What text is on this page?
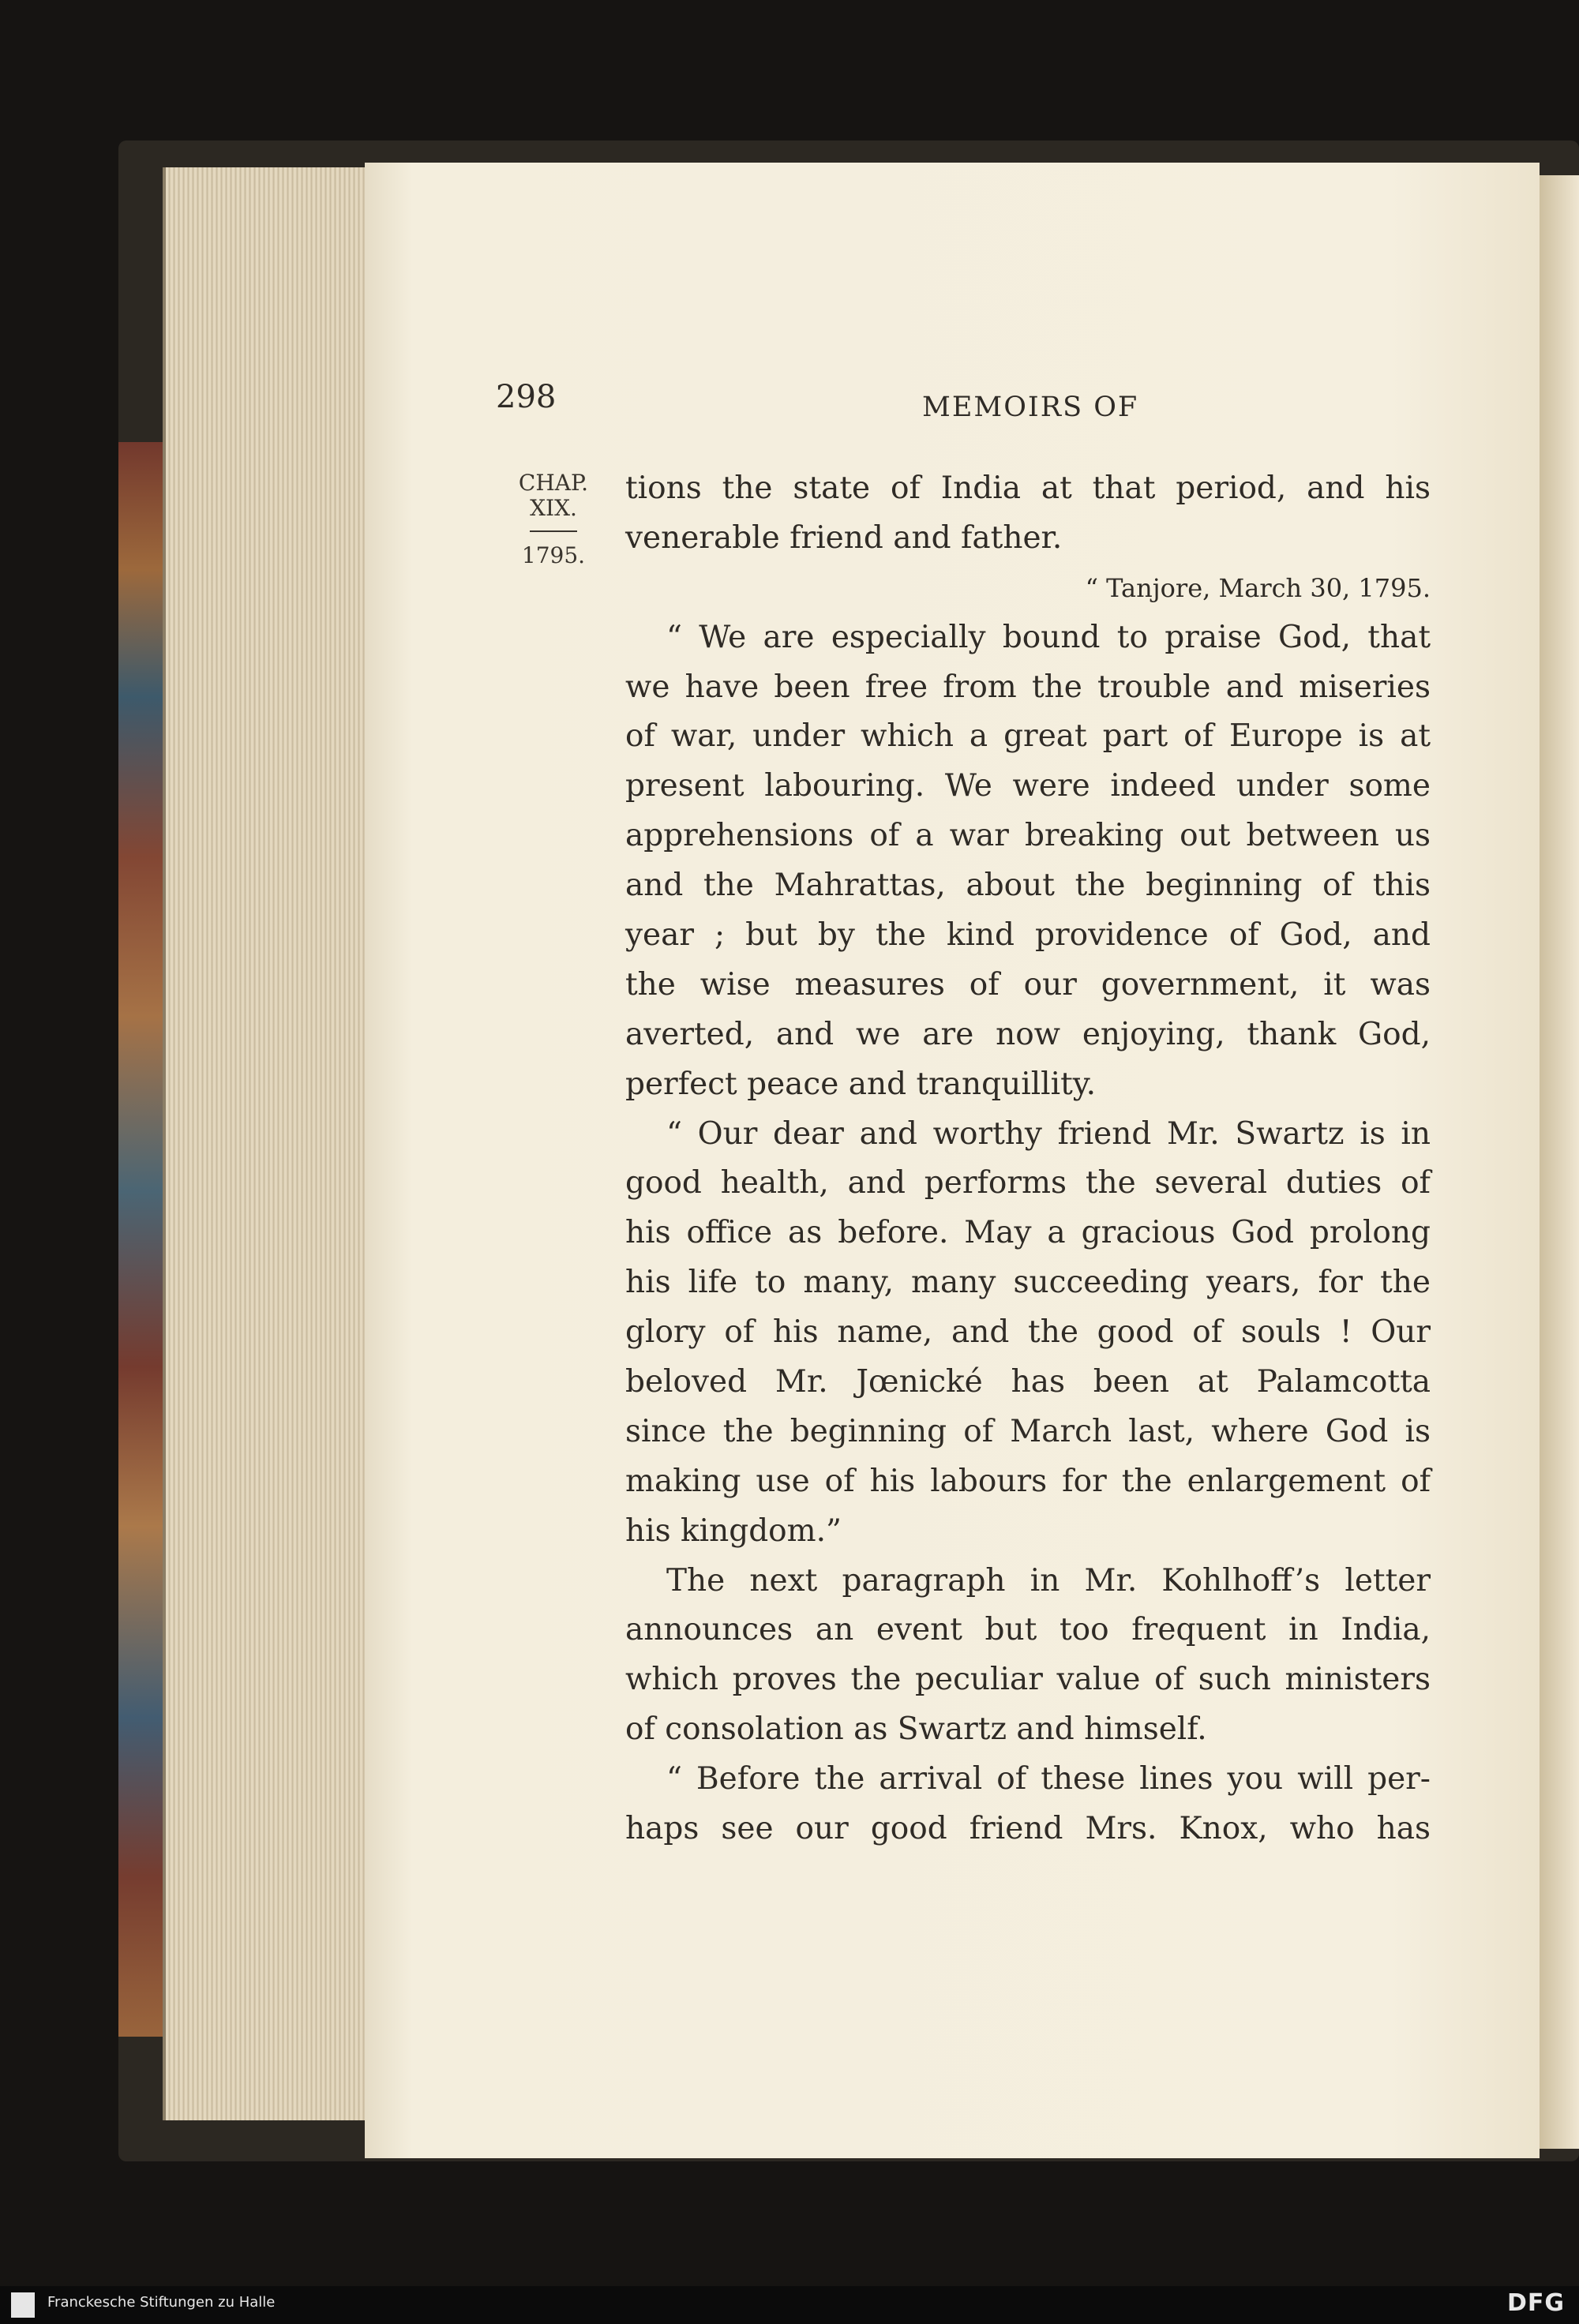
298	MEMOIRS OF
CHAP.
XIX.
1795.
tions the state of India at that period, and his
venerable friend and father.
“ Tanjore, March 30, 1795.
“ We are especially bound to praise God, that
we have been free from the trouble and miseries
of war, under which a great part of Europe is at
present labouring. We were indeed under some
apprehensions of a war breaking out between us
and the Mahrattas, about the beginning of this
year ; but by the kind providence of God, and
the wise measures of our government, it was
averted, and we are now enjoying, thank God,
perfect peace and tranquillity.
“ Our dear and worthy friend Mr. Swartz is in
good health, and performs the several duties of
his office as before. May a gracious God prolong
his life to many, many succeeding years, for the
glory of his name, and the good of souls ! Our
beloved Mr. Jœnické has been at Palamcotta
since the beginning of March last, where God is
making use of his labours for the enlargement of
his kingdom.”
The next paragraph in Mr. Kohlhoff’s letter
announces an event but too frequent in India,
which proves the peculiar value of such ministers
of consolation as Swartz and himself.
“ Before the arrival of these lines you will per-
haps see our good friend Mrs. Knox, who has
Franckesche Stiftungen zu Halle	DFG
